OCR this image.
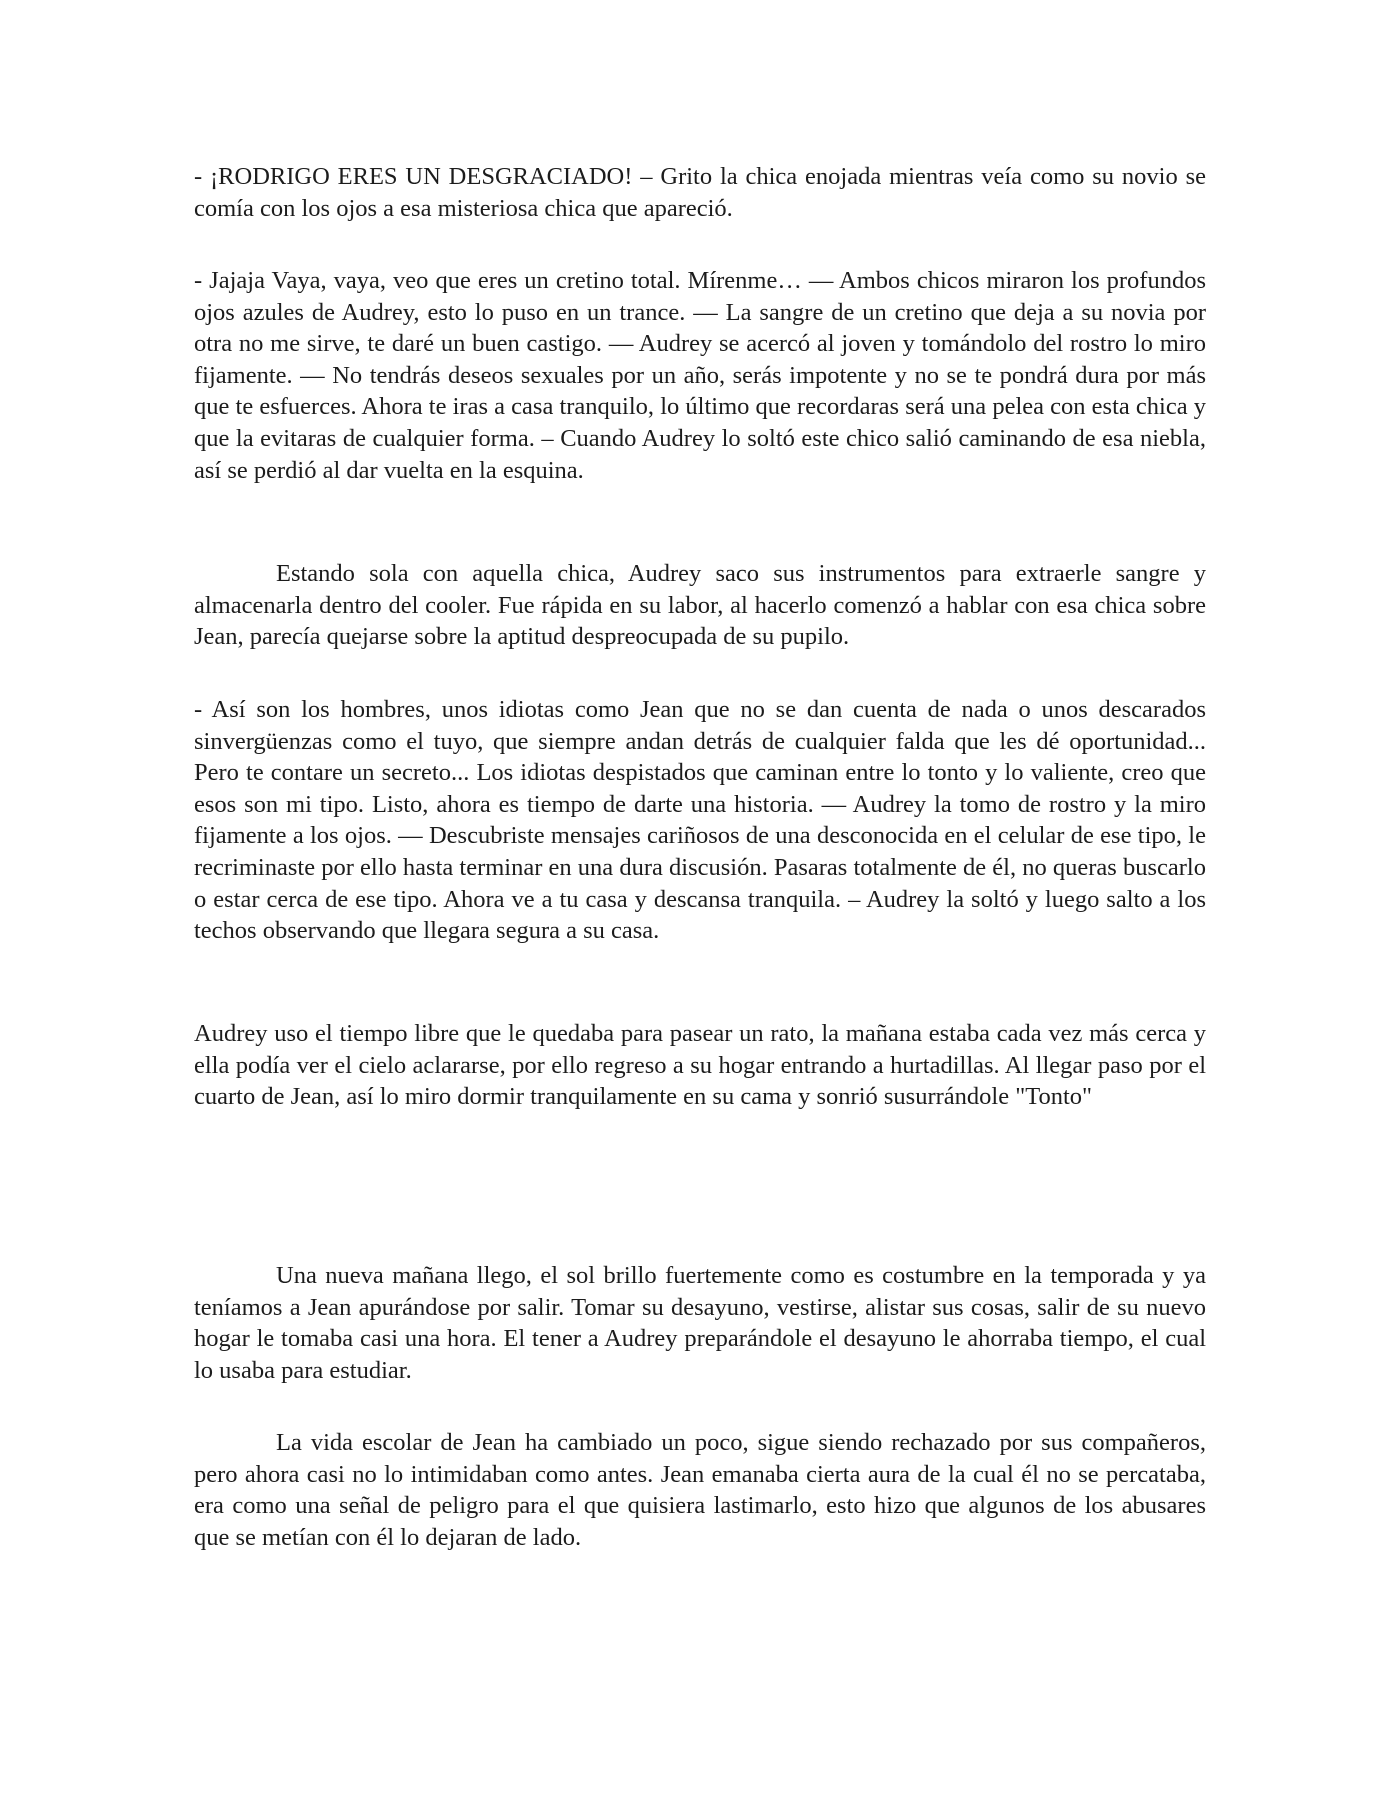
- ¡RODRIGO ERES UN DESGRACIADO! – Grito la chica enojada mientras veía como su novio se comía con los ojos a esa misteriosa chica que apareció.

- Jajaja Vaya, vaya, veo que eres un cretino total. Mírenme… — Ambos chicos miraron los profundos ojos azules de Audrey, esto lo puso en un trance. — La sangre de un cretino que deja a su novia por otra no me sirve, te daré un buen castigo. — Audrey se acercó al joven y tomándolo del rostro lo miro fijamente. — No tendrás deseos sexuales por un año, serás impotente y no se te pondrá dura por más que te esfuerces. Ahora te iras a casa tranquilo, lo último que recordaras será una pelea con esta chica y que la evitaras de cualquier forma. – Cuando Audrey lo soltó este chico salió caminando de esa niebla, así se perdió al dar vuelta en la esquina.

Estando sola con aquella chica, Audrey saco sus instrumentos para extraerle sangre y almacenarla dentro del cooler. Fue rápida en su labor, al hacerlo comenzó a hablar con esa chica sobre Jean, parecía quejarse sobre la aptitud despreocupada de su pupilo.

- Así son los hombres, unos idiotas como Jean que no se dan cuenta de nada o unos descarados sinvergüenzas como el tuyo, que siempre andan detrás de cualquier falda que les dé oportunidad... Pero te contare un secreto... Los idiotas despistados que caminan entre lo tonto y lo valiente, creo que esos son mi tipo. Listo, ahora es tiempo de darte una historia. — Audrey la tomo de rostro y la miro fijamente a los ojos. — Descubriste mensajes cariñosos de una desconocida en el celular de ese tipo, le recriminaste por ello hasta terminar en una dura discusión. Pasaras totalmente de él, no queras buscarlo o estar cerca de ese tipo. Ahora ve a tu casa y descansa tranquila. – Audrey la soltó y luego salto a los techos observando que llegara segura a su casa.

Audrey uso el tiempo libre que le quedaba para pasear un rato, la mañana estaba cada vez más cerca y ella podía ver el cielo aclararse, por ello regreso a su hogar entrando a hurtadillas. Al llegar paso por el cuarto de Jean, así lo miro dormir tranquilamente en su cama y sonrió susurrándole "Tonto"

Una nueva mañana llego, el sol brillo fuertemente como es costumbre en la temporada y ya teníamos a Jean apurándose por salir. Tomar su desayuno, vestirse, alistar sus cosas, salir de su nuevo hogar le tomaba casi una hora. El tener a Audrey preparándole el desayuno le ahorraba tiempo, el cual lo usaba para estudiar.

La vida escolar de Jean ha cambiado un poco, sigue siendo rechazado por sus compañeros, pero ahora casi no lo intimidaban como antes. Jean emanaba cierta aura de la cual él no se percataba, era como una señal de peligro para el que quisiera lastimarlo, esto hizo que algunos de los abusares que se metían con él lo dejaran de lado.
